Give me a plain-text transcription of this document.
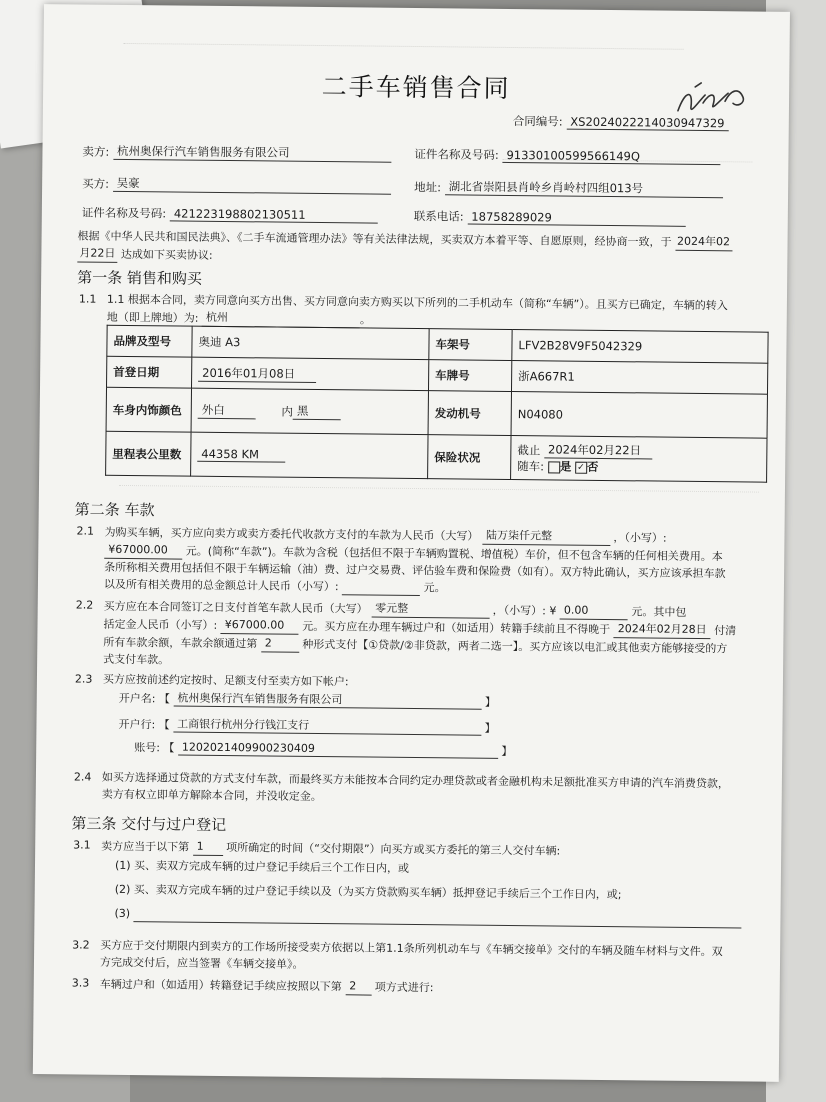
二手车销售合同
合同编号: XS2024022214030947329
卖方: 杭州奥保行汽车销售服务有限公司	证件名称及号码: 91330100599566149Q
买方: 吴豪	地址: 湖北省崇阳县肖岭乡肖岭村四组013号
证件名称及号码: 421223198802130511	联系电话: 18758289029
根据《中华人民共和国民法典》、《二手车流通管理办法》等有关法律法规，买卖双方本着平等、自愿原则，经协商一致，于 2024年02
月22日 达成如下买卖协议:
第一条 销售和购买
1.1 1.1 根据本合同，卖方同意向买方出售、买方同意向卖方购买以下所列的二手机动车（简称“车辆”）。且买方已确定，车辆的转入
地（即上牌地）为: 杭州	。
品牌及型号	奥迪 A3	车架号	LFV2B28V9F5042329
首登日期	2016年01月08日	车牌号	浙A667R1
车身内饰颜色	外白 内 黑	发动机号	N04080
里程表公里数	44358 KM	保险状况	截止 2024年02月22日
随车: 是 ✓ 否
第二条 车款
2.1 为购买车辆，买方应向卖方或卖方委托代收款方支付的车款为人民币（大写） 陆万柒仟元整	，（小写）:
¥67000.00 元。(简称“车款”)。车款为含税（包括但不限于车辆购置税、增值税）车价，但不包含车辆的任何相关费用。本
条所称相关费用包括但不限于车辆运输（油）费、过户交易费、评估验车费和保险费（如有）。双方特此确认，买方应该承担车款
以及所有相关费用的总金额总计人民币（小写）:	元。
2.2 买方应在本合同签订之日支付首笔车款人民币（大写） 零元整	，（小写）: ¥ 0.00	元。其中包
括定金人民币（小写）: ¥67000.00 元。买方应在办理车辆过户和（如适用）转籍手续前且不得晚于 2024年02月28日 付清
所有车款余额，车款余额通过第 2	种形式支付【①贷款/②非贷款，两者二选一】。买方应该以电汇或其他卖方能够接受的方
式支付车款。
2.3 买方应按前述约定按时、足额支付至卖方如下帐户:
开户名: 【 杭州奥保行汽车销售服务有限公司	】
开户行: 【 工商银行杭州分行钱江支行	】
账号: 【 1202021409900230409	】
2.4 如买方选择通过贷款的方式支付车款，而最终买方未能按本合同约定办理贷款或者金融机构未足额批准买方申请的汽车消费贷款，
卖方有权立即单方解除本合同，并没收定金。
第三条 交付与过户登记
3.1 卖方应当于以下第 1 项所确定的时间（“交付期限”）向买方或买方委托的第三人交付车辆:
(1) 买、卖双方完成车辆的过户登记手续后三个工作日内，或
(2) 买、卖双方完成车辆的过户登记手续以及（为买方贷款购买车辆）抵押登记手续后三个工作日内，或;
(3)
3.2 买方应于交付期限内到卖方的工作场所接受卖方依据以上第1.1条所列机动车与《车辆交接单》交付的车辆及随车材料与文件。双
方完成交付后，应当签署《车辆交接单》。
3.3 车辆过户和（如适用）转籍登记手续应按照以下第 2 项方式进行:
